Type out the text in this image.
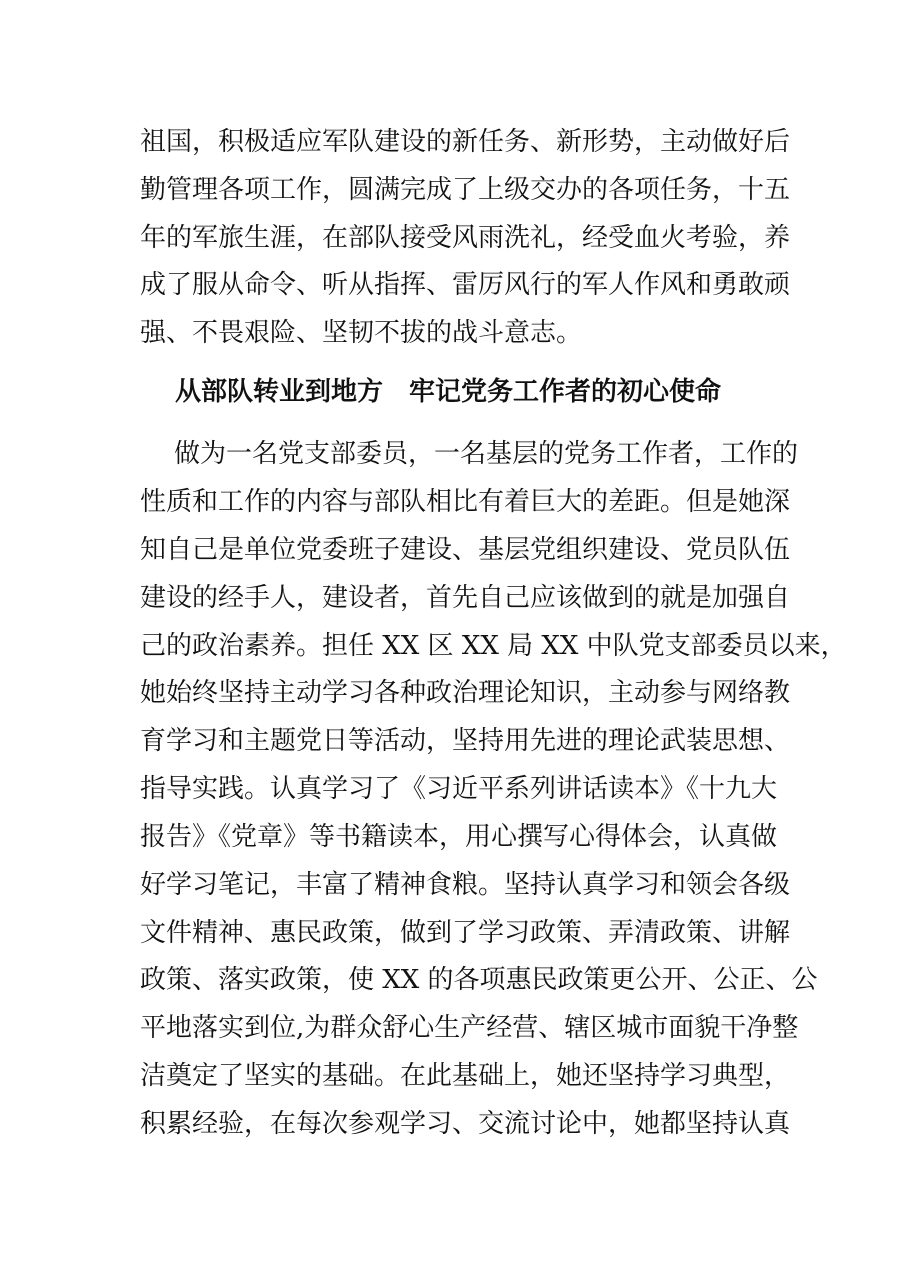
祖国，积极适应军队建设的新任务、新形势，主动做好后
勤管理各项工作，圆满完成了上级交办的各项任务，十五
年的军旅生涯，在部队接受风雨洗礼，经受血火考验，养
成了服从命令、听从指挥、雷厉风行的军人作风和勇敢顽
强、不畏艰险、坚韧不拔的战斗意志。
从部队转业到地方　牢记党务工作者的初心使命
做为一名党支部委员，一名基层的党务工作者，工作的
性质和工作的内容与部队相比有着巨大的差距。但是她深
知自己是单位党委班子建设、基层党组织建设、党员队伍
建设的经手人，建设者，首先自己应该做到的就是加强自
己的政治素养。担任 XX 区 XX 局 XX 中队党支部委员以来，
她始终坚持主动学习各种政治理论知识，主动参与网络教
育学习和主题党日等活动，坚持用先进的理论武装思想、
指导实践。认真学习了《习近平系列讲话读本》《十九大
报告》《党章》等书籍读本，用心撰写心得体会，认真做
好学习笔记，丰富了精神食粮。坚持认真学习和领会各级
文件精神、惠民政策，做到了学习政策、弄清政策、讲解
政策、落实政策，使 XX 的各项惠民政策更公开、公正、公
平地落实到位,为群众舒心生产经营、辖区城市面貌干净整
洁奠定了坚实的基础。在此基础上，她还坚持学习典型，
积累经验，在每次参观学习、交流讨论中，她都坚持认真
